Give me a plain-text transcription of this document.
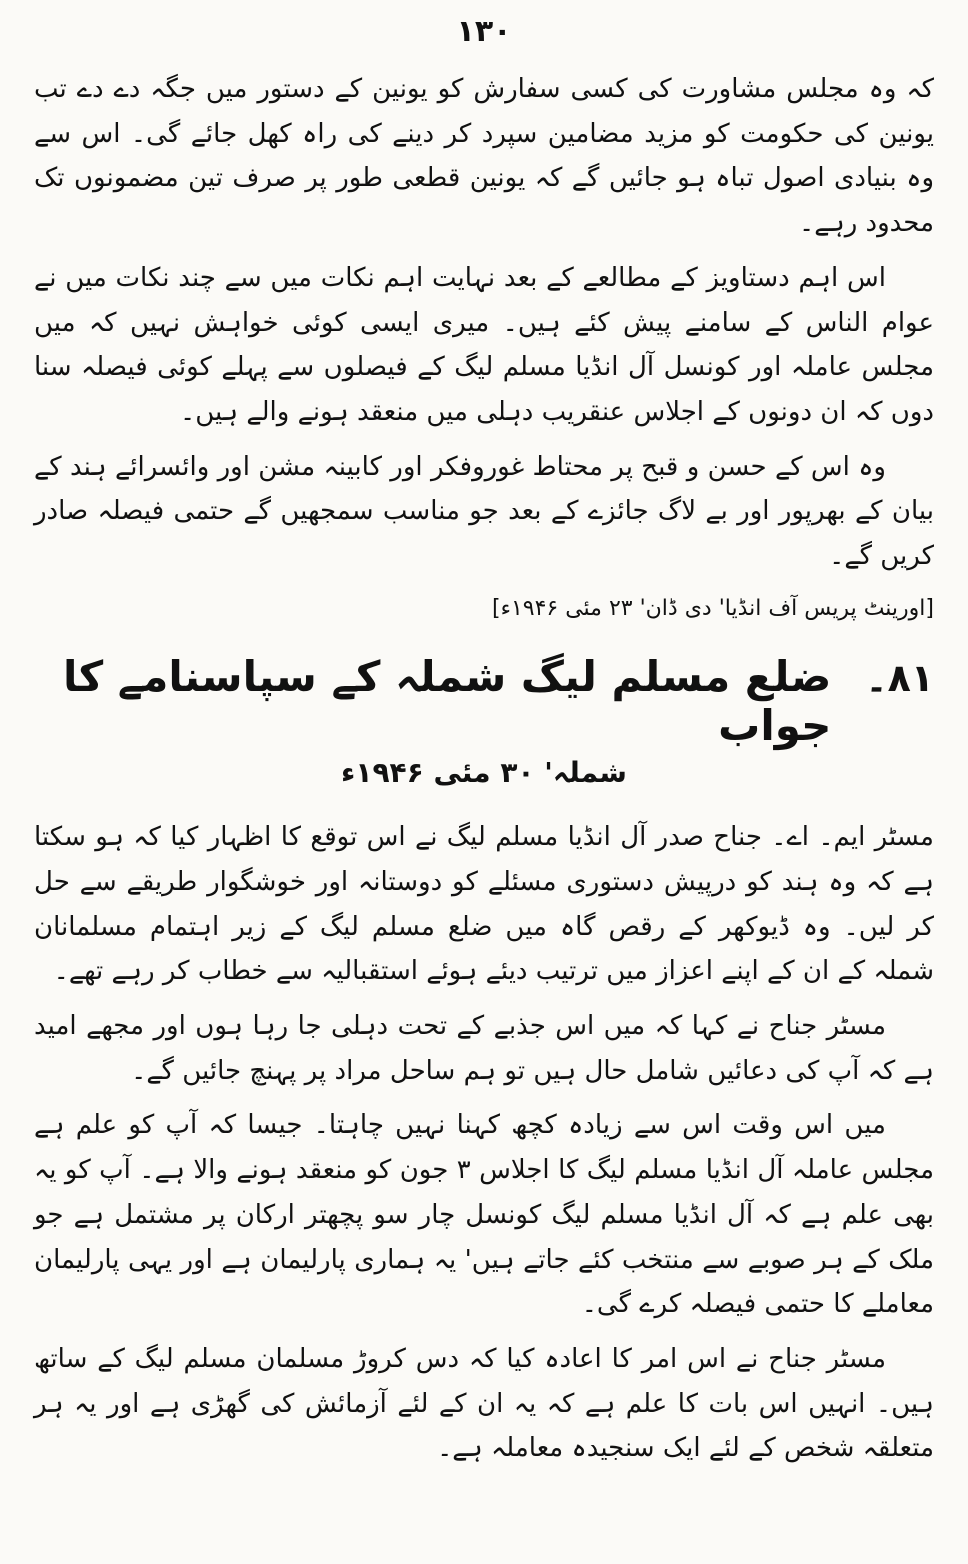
۱۳۰

کہ وہ مجلس مشاورت کی کسی سفارش کو یونین کے دستور میں جگہ دے دے تب یونین کی حکومت کو مزید مضامین سپرد کر دینے کی راہ کھل جائے گی۔ اس سے وہ بنیادی اصول تباہ ہو جائیں گے کہ یونین قطعی طور پر صرف تین مضمونوں تک محدود رہے۔

اس اہم دستاویز کے مطالعے کے بعد نہایت اہم نکات میں سے چند نکات میں نے عوام الناس کے سامنے پیش کئے ہیں۔ میری ایسی کوئی خواہش نہیں کہ میں مجلس عاملہ اور کونسل آل انڈیا مسلم لیگ کے فیصلوں سے پہلے کوئی فیصلہ سنا دوں کہ ان دونوں کے اجلاس عنقریب دہلی میں منعقد ہونے والے ہیں۔

وہ اس کے حسن و قبح پر محتاط غوروفکر اور کابینہ مشن اور وائسرائے ہند کے بیان کے بھرپور اور بے لاگ جائزے کے بعد جو مناسب سمجھیں گے حتمی فیصلہ صادر کریں گے۔

[اورینٹ پریس آف انڈیا' دی ڈان' ۲۳ مئی ۱۹۴۶ء]
۸۱۔
ضلع مسلم لیگ شملہ کے سپاسنامے کا جواب
شملہ' ۳۰ مئی ۱۹۴۶ء

مسٹر ایم۔ اے۔ جناح صدر آل انڈیا مسلم لیگ نے اس توقع کا اظہار کیا کہ ہو سکتا ہے کہ وہ ہند کو درپیش دستوری مسئلے کو دوستانہ اور خوشگوار طریقے سے حل کر لیں۔ وہ ڈیوکھر کے رقص گاہ میں ضلع مسلم لیگ کے زیر اہتمام مسلمانان شملہ کے ان کے اپنے اعزاز میں ترتیب دیئے ہوئے استقبالیہ سے خطاب کر رہے تھے۔

مسٹر جناح نے کہا کہ میں اس جذبے کے تحت دہلی جا رہا ہوں اور مجھے امید ہے کہ آپ کی دعائیں شامل حال ہیں تو ہم ساحل مراد پر پہنچ جائیں گے۔

میں اس وقت اس سے زیادہ کچھ کہنا نہیں چاہتا۔ جیسا کہ آپ کو علم ہے مجلس عاملہ آل انڈیا مسلم لیگ کا اجلاس ۳ جون کو منعقد ہونے والا ہے۔ آپ کو یہ بھی علم ہے کہ آل انڈیا مسلم لیگ کونسل چار سو پچھتر ارکان پر مشتمل ہے جو ملک کے ہر صوبے سے منتخب کئے جاتے ہیں' یہ ہماری پارلیمان ہے اور یہی پارلیمان معاملے کا حتمی فیصلہ کرے گی۔

مسٹر جناح نے اس امر کا اعادہ کیا کہ دس کروڑ مسلمان مسلم لیگ کے ساتھ ہیں۔ انہیں اس بات کا علم ہے کہ یہ ان کے لئے آزمائش کی گھڑی ہے اور یہ ہر متعلقہ شخص کے لئے ایک سنجیدہ معاملہ ہے۔
